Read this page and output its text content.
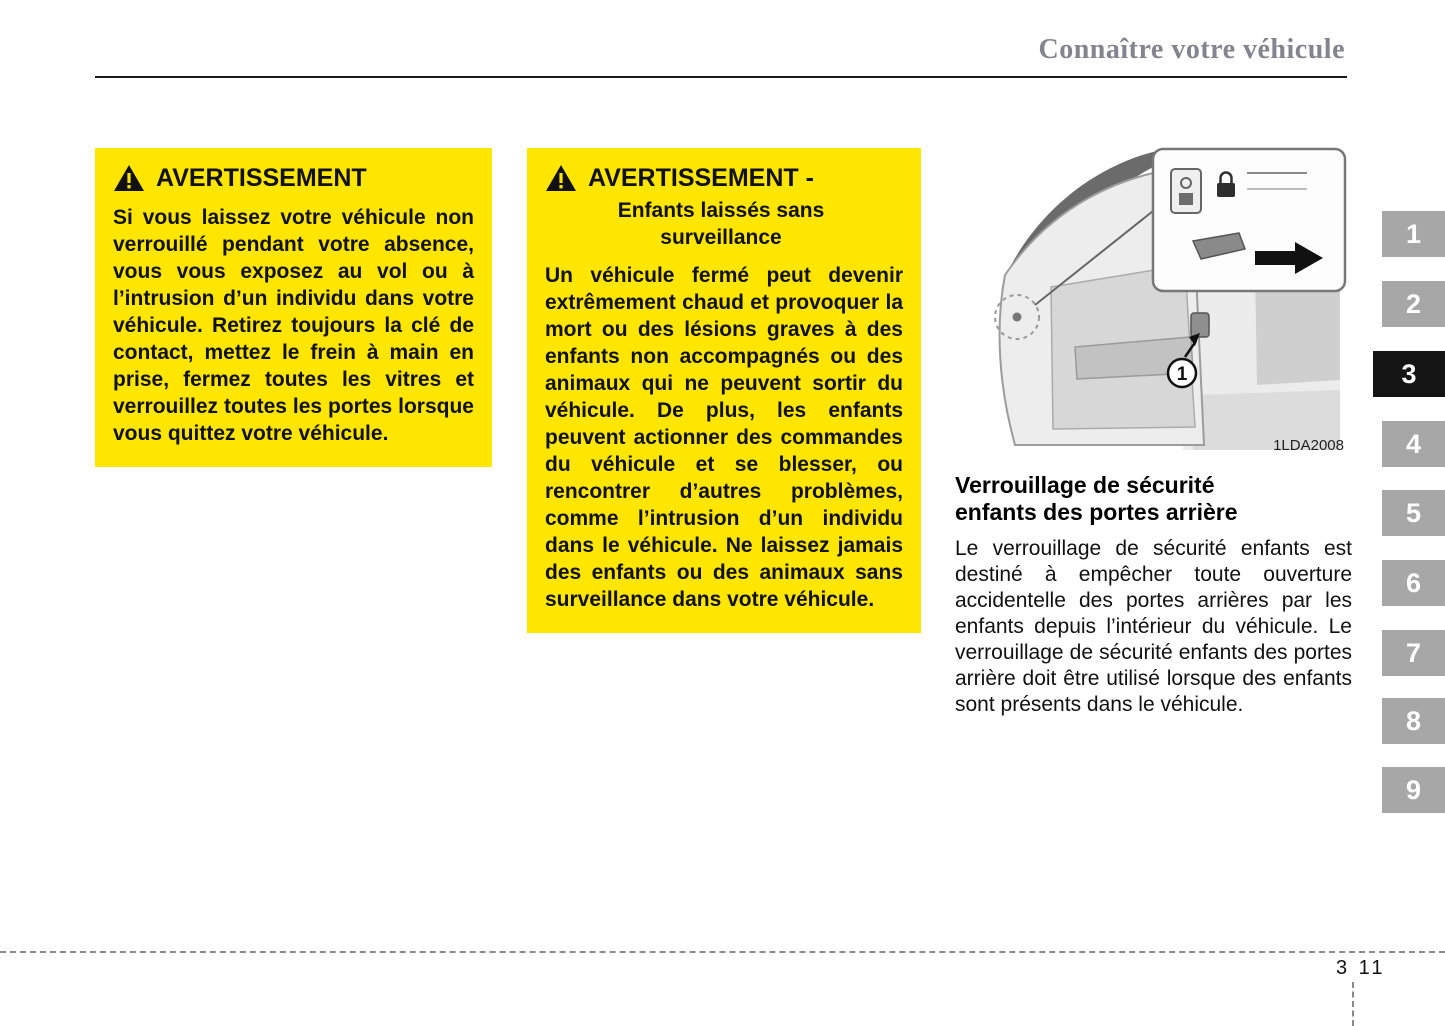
Connaître votre véhicule
AVERTISSEMENT

Si vous laissez votre véhicule non verrouillé pendant votre absence, vous vous exposez au vol ou à l’intrusion d’un individu dans votre véhicule. Retirez toujours la clé de contact, mettez le frein à main en prise, fermez toutes les vitres et verrouillez toutes les portes lorsque vous quittez votre véhicule.

AVERTISSEMENT -
Enfants laissés sans surveillance

Un véhicule fermé peut devenir extrêmement chaud et provoquer la mort ou des lésions graves à des enfants non accompagnés ou des animaux qui ne peuvent sortir du véhicule. De plus, les enfants peuvent actionner des commandes du véhicule et se blesser, ou rencontrer d’autres problèmes, comme l’intrusion d’un individu dans le véhicule. Ne laissez jamais des enfants ou des animaux sans surveillance dans votre véhicule.

1
1LDA2008
Verrouillage de sécurité enfants des portes arrière

Le verrouillage de sécurité enfants est destiné à empêcher toute ouverture accidentelle des portes arrières par les enfants depuis l’intérieur du véhicule. Le verrouillage de sécurité enfants des portes arrière doit être utilisé lorsque des enfants sont présents dans le véhicule.

1
2
3
4
5
6
7
8
9
3 11
